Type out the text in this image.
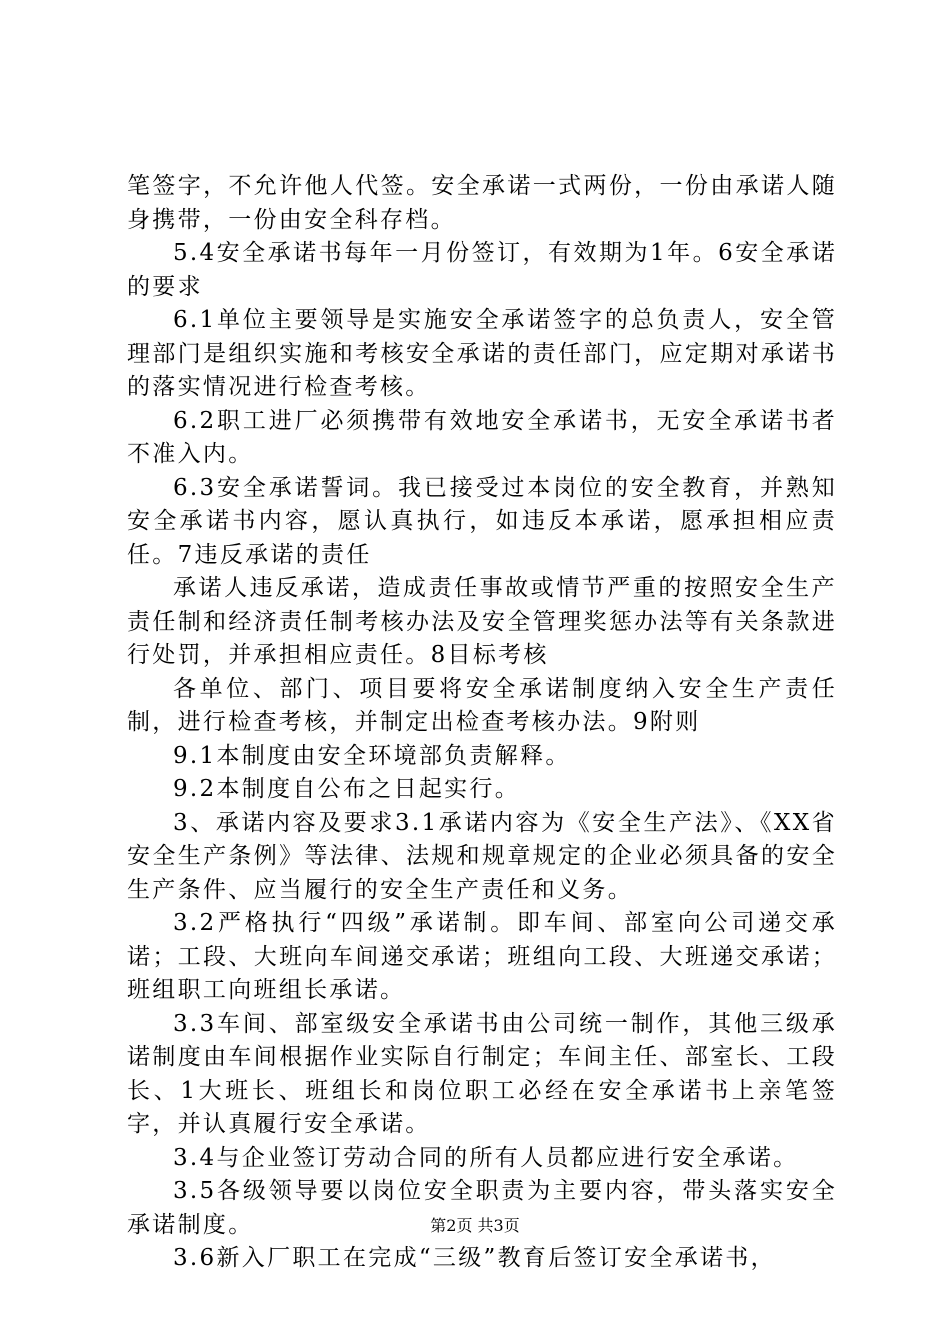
笔签字，不允许他人代签。安全承诺一式两份，一份由承诺人随身携带，一份由安全科存档。

5.4安全承诺书每年一月份签订，有效期为1年。6安全承诺的要求

6.1单位主要领导是实施安全承诺签字的总负责人，安全管理部门是组织实施和考核安全承诺的责任部门，应定期对承诺书的落实情况进行检查考核。

6.2职工进厂必须携带有效地安全承诺书，无安全承诺书者不准入内。

6.3安全承诺誓词。我已接受过本岗位的安全教育，并熟知安全承诺书内容，愿认真执行，如违反本承诺，愿承担相应责任。7违反承诺的责任

承诺人违反承诺，造成责任事故或情节严重的按照安全生产责任制和经济责任制考核办法及安全管理奖惩办法等有关条款进行处罚，并承担相应责任。8目标考核

各单位、部门、项目要将安全承诺制度纳入安全生产责任制，进行检查考核，并制定出检查考核办法。9附则

9.1本制度由安全环境部负责解释。

9.2本制度自公布之日起实行。

3、承诺内容及要求3.1承诺内容为《安全生产法》、《XX省安全生产条例》等法律、法规和规章规定的企业必须具备的安全生产条件、应当履行的安全生产责任和义务。

3.2严格执行“四级”承诺制。即车间、部室向公司递交承诺；工段、大班向车间递交承诺；班组向工段、大班递交承诺；班组职工向班组长承诺。

3.3车间、部室级安全承诺书由公司统一制作，其他三级承诺制度由车间根据作业实际自行制定；车间主任、部室长、工段长、1大班长、班组长和岗位职工必经在安全承诺书上亲笔签字，并认真履行安全承诺。

3.4与企业签订劳动合同的所有人员都应进行安全承诺。

3.5各级领导要以岗位安全职责为主要内容，带头落实安全承诺制度。

3.6新入厂职工在完成“三级”教育后签订安全承诺书，

第2页 共3页
